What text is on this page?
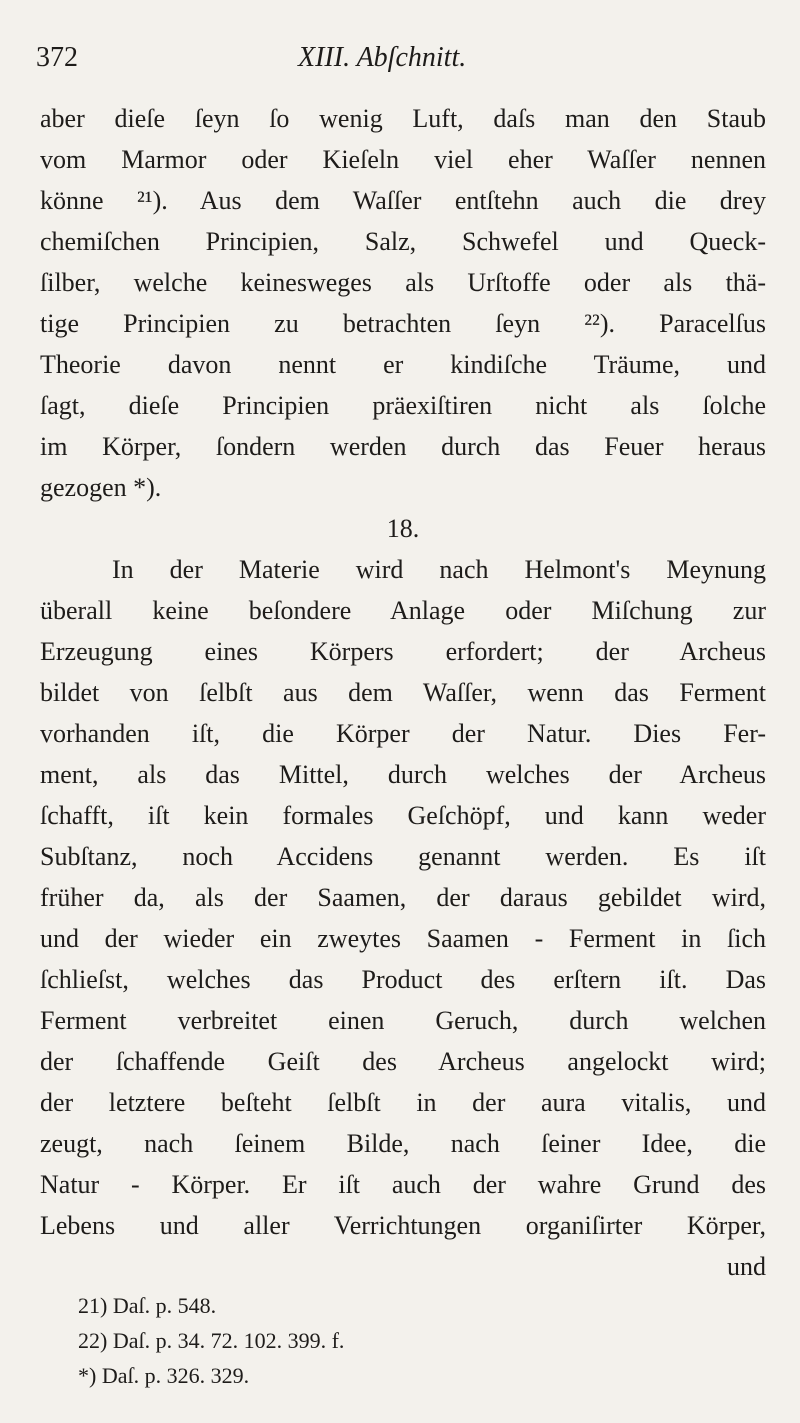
372	XIII. Abſchnitt.
aber dieſe ſeyn ſo wenig Luft, daſs man den Staub
vom Marmor oder Kieſeln viel eher Waſſer nennen
könne ²¹). Aus dem Waſſer entſtehn auch die drey
chemiſchen Principien, Salz, Schwefel und Queck-
ſilber, welche keinesweges als Urſtoffe oder als thä-
tige Principien zu betrachten ſeyn ²²). Paracelſus
Theorie davon nennt er kindiſche Träume, und
ſagt, dieſe Principien präexiſtiren nicht als ſolche
im Körper, ſondern werden durch das Feuer heraus
gezogen *).
18.
In der Materie wird nach Helmont's Meynung
überall keine beſondere Anlage oder Miſchung zur
Erzeugung eines Körpers erfordert; der Archeus
bildet von ſelbſt aus dem Waſſer, wenn das Ferment
vorhanden iſt, die Körper der Natur. Dies Fer-
ment, als das Mittel, durch welches der Archeus
ſchafft, iſt kein formales Geſchöpf, und kann weder
Subſtanz, noch Accidens genannt werden. Es iſt
früher da, als der Saamen, der daraus gebildet wird,
und der wieder ein zweytes Saamen - Ferment in ſich
ſchlieſst, welches das Product des erſtern iſt. Das
Ferment verbreitet einen Geruch, durch welchen
der ſchaffende Geiſt des Archeus angelockt wird;
der letztere beſteht ſelbſt in der aura vitalis, und
zeugt, nach ſeinem Bilde, nach ſeiner Idee, die
Natur - Körper. Er iſt auch der wahre Grund des
Lebens und aller Verrichtungen organiſirter Körper,
und
21) Daſ. p. 548.
22) Daſ. p. 34. 72. 102. 399. f.
*) Daſ. p. 326. 329.
